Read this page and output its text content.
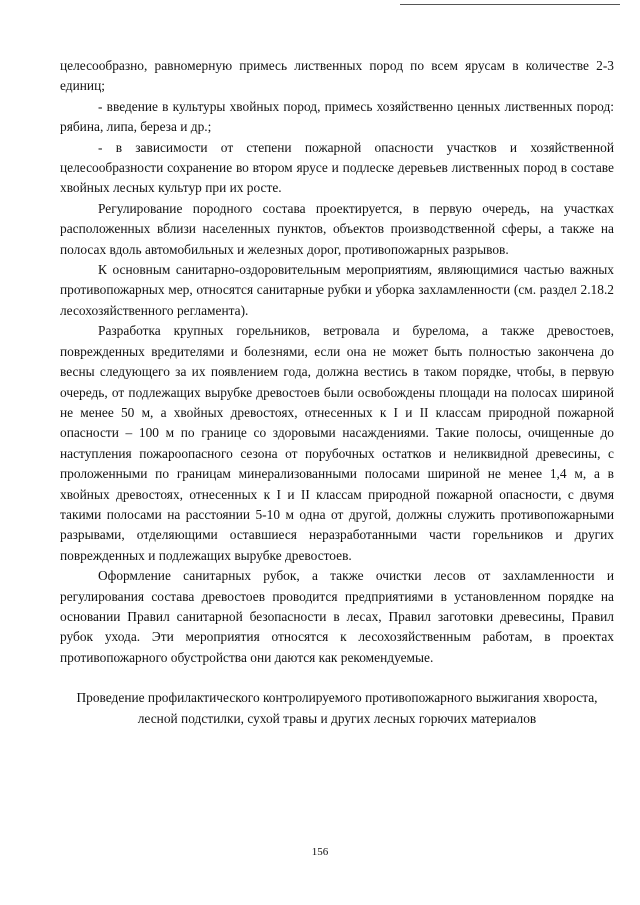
целесообразно, равномерную примесь лиственных пород по всем ярусам в количестве 2-3 единиц;

- введение в культуры хвойных пород, примесь хозяйственно ценных лиственных пород: рябина, липа, береза и др.;

- в зависимости от степени пожарной опасности участков и хозяйственной целесообразности сохранение во втором ярусе и подлеске деревьев лиственных пород в составе хвойных лесных культур при их росте.

Регулирование породного состава проектируется, в первую очередь, на участках расположенных вблизи населенных пунктов, объектов производственной сферы, а также на полосах вдоль автомобильных и железных дорог, противопожарных разрывов.

К основным санитарно-оздоровительным мероприятиям, являющимися частью важных противопожарных мер, относятся санитарные рубки и уборка захламленности (см. раздел 2.18.2 лесохозяйственного регламента).

Разработка крупных горельников, ветровала и бурелома, а также древостоев, поврежденных вредителями и болезнями, если она не может быть полностью закончена до весны следующего за их появлением года, должна вестись в таком порядке, чтобы, в первую очередь, от подлежащих вырубке древостоев были освобождены площади на полосах шириной не менее 50 м, а хвойных древостоях, отнесенных к I и II классам природной пожарной опасности – 100 м по границе со здоровыми насаждениями. Такие полосы, очищенные до наступления пожароопасного сезона от порубочных остатков и неликвидной древесины, с проложенными по границам минерализованными полосами шириной не менее 1,4 м, а в хвойных древостоях, отнесенных к I и II классам природной пожарной опасности, с двумя такими полосами на расстоянии 5-10 м одна от другой, должны служить противопожарными разрывами, отделяющими оставшиеся неразработанными части горельников и других поврежденных и подлежащих вырубке древостоев.

Оформление санитарных рубок, а также очистки лесов от захламленности и регулирования состава древостоев проводится предприятиями в установленном порядке на основании Правил санитарной безопасности в лесах, Правил заготовки древесины, Правил рубок ухода. Эти мероприятия относятся к лесохозяйственным работам, в проектах противопожарного обустройства они даются как рекомендуемые.

Проведение профилактического контролируемого противопожарного выжигания хвороста, лесной подстилки, сухой травы и других лесных горючих материалов

156
